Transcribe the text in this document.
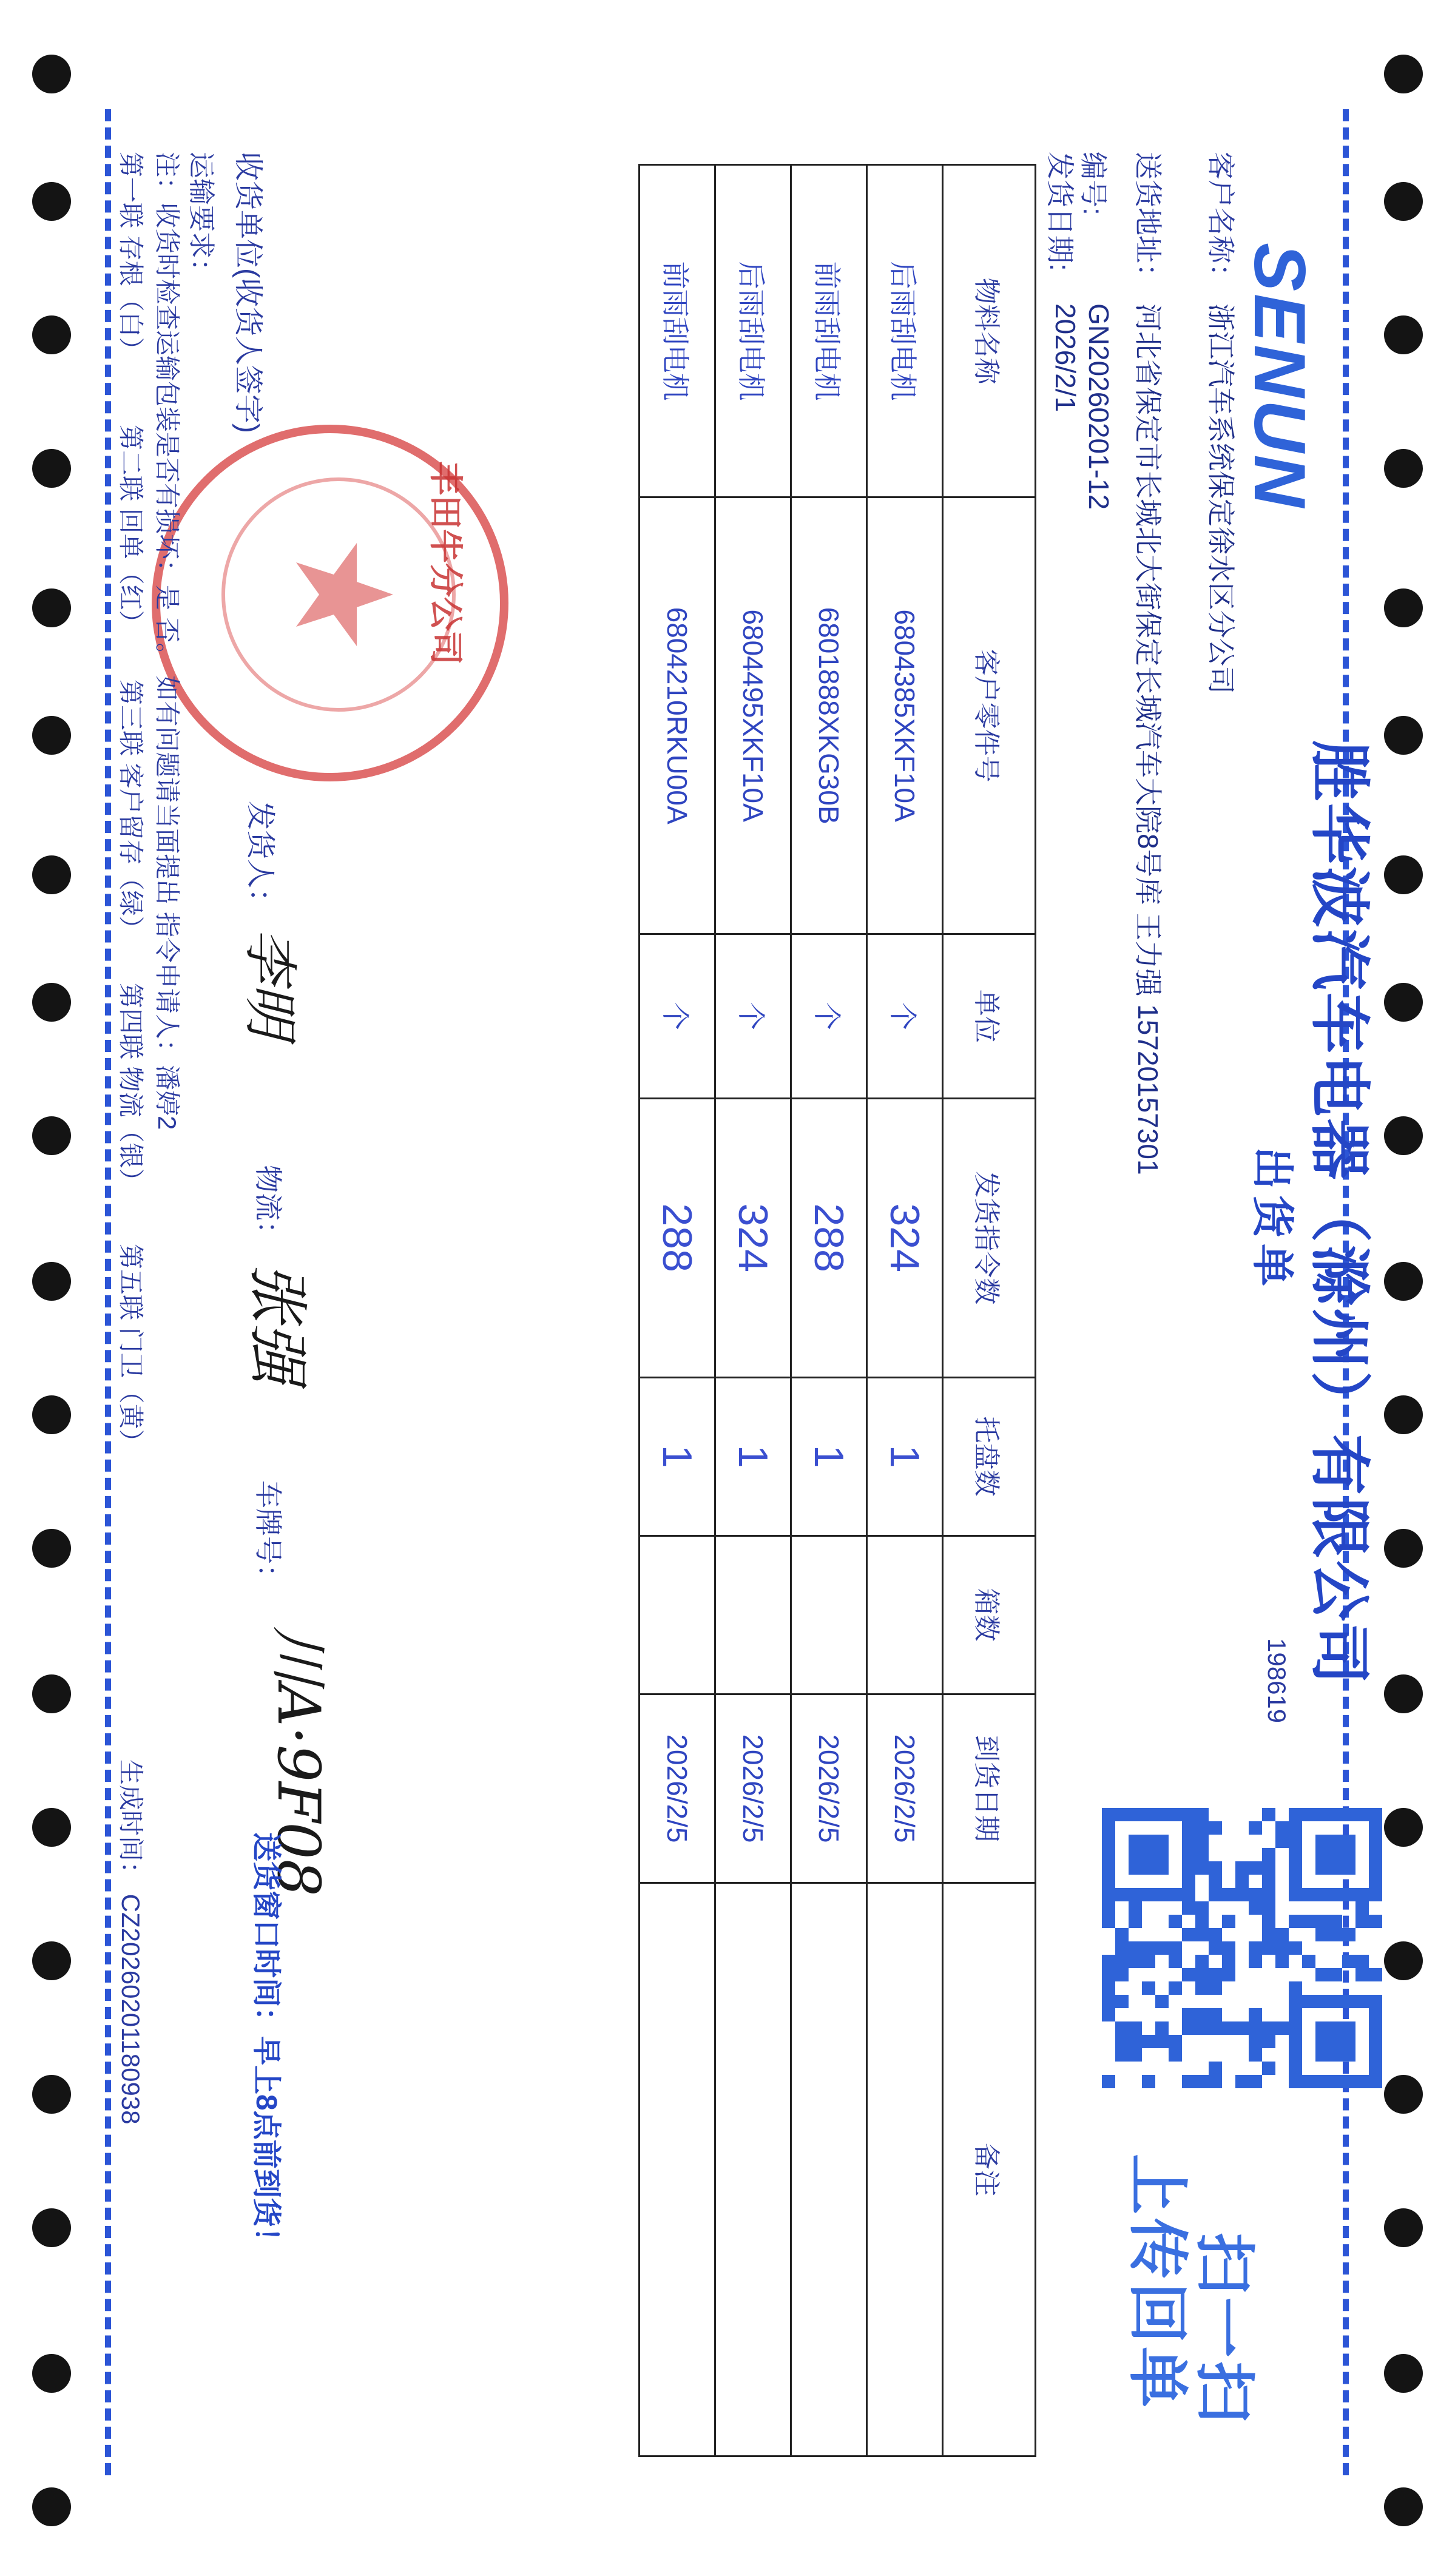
SENUN
客户名称：
浙江汽车系统保定徐水区分公司
送货地址：
河北省保定市长城北大街保定长城汽车大院8号库 王力强 15720157301
编号:
GN20260201-12
发货日期:
2026/2/1
胜华波汽车电器（滁州）有限公司
出货单
198619
扫一扫
上传回单
物料名称	客户零件号	单位	发货指令数	托盘数	箱数	到货日期	备注
后雨刮电机	6804385XKF10A	个	324	1		2026/2/5	
前雨刮电机	6801888XKG30B	个	288	1		2026/2/5	
后雨刮电机	6804495XKF10A	个	324	1		2026/2/5	
前雨刮电机	6804210RKU00A	个	288	1		2026/2/5	
丰田牛分公司
收货单位(收货人签字)
发货人：
李明
物流：
张强
车牌号：
川A·9F08
送货窗口时间：早上8点前到货！
运输要求：
注：收货时检查运输包装是否有损坏：是 否。 如有问题请当面提出 指令申请人：潘婷2
第一联 存根（白）
第二联 回单（红）
第三联 客户留存（绿）
第四联 物流（银）
第五联 门卫（黄）
生成时间： CZ20260201180938
